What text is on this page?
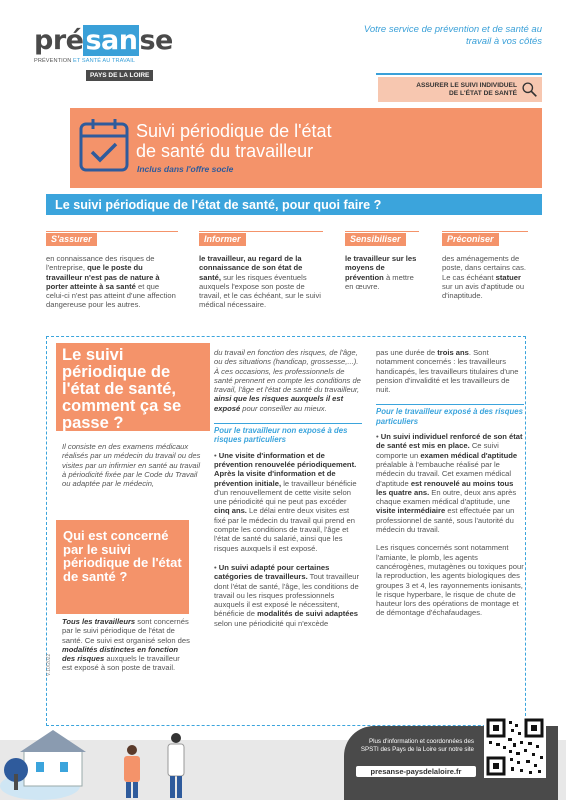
présanse
PRÉVENTION ET SANTÉ AU TRAVAIL
PAYS DE LA LOIRE
Votre service de prévention et de santé au travail à vos côtés
ASSURER LE SUIVI INDIVIDUEL
DE L'ÉTAT DE SANTÉ
Suivi périodique de l'état
de santé du travailleur
Inclus dans l'offre socle
Le suivi périodique de l'état de santé, pour quoi faire ?
S'assurer
en connaissance des risques de l'entreprise, que le poste du travailleur n'est pas de nature à porter atteinte à sa santé et que celui-ci n'est pas atteint d'une affection dangereuse pour les autres.
Informer
le travailleur, au regard de la connaissance de son état de santé, sur les risques éventuels auxquels l'expose son poste de travail, et le cas échéant, sur le suivi médical nécessaire.
Sensibiliser
le travailleur sur les moyens de prévention à mettre en œuvre.
Préconiser
des aménagements de poste, dans certains cas. Le cas échéant statuer sur un avis d'aptitude ou d'inaptitude.
Le suivi périodique de l'état de santé, comment ça se passe ?
Il consiste en des examens médicaux réalisés par un médecin du travail ou des visites par un infirmier en santé au travail à périodicité fixée par le Code du Travail ou adaptée par le médecin,
Qui est concerné par le suivi périodique de l'état de santé ?
Tous les travailleurs sont concernés par le suivi périodique de l'état de santé. Ce suivi est organisé selon des modalités distinctes en fonction des risques auxquels le travailleur est exposé à son poste de travail.
V.10/2022
du travail en fonction des risques, de l'âge, ou des situations (handicap, grossesse,...).
À ces occasions, les professionnels de santé prennent en compte les conditions de travail, l'âge et l'état de santé du travailleur, ainsi que les risques auxquels il est exposé pour conseiller au mieux.
Pour le travailleur non exposé à des risques particuliers
• Une visite d'information et de prévention renouvelée périodiquement. Après la visite d'information et de prévention initiale, le travailleur bénéficie d'un renouvellement de cette visite selon une périodicité qui ne peut pas excéder cinq ans. Le délai entre deux visites est fixé par le médecin du travail qui prend en compte les conditions de travail, l'âge et l'état de santé du salarié, ainsi que les risques auxquels il est exposé.
• Un suivi adapté pour certaines catégories de travailleurs. Tout travailleur dont l'état de santé, l'âge, les conditions de travail ou les risques professionnels auxquels il est exposé le nécessitent, bénéficie de modalités de suivi adaptées selon une périodicité qui n'excède
pas une durée de trois ans. Sont notamment concernés : les travailleurs handicapés, les travailleurs titulaires d'une pension d'invalidité et les travailleurs de nuit.
Pour le travailleur exposé à des risques particuliers
• Un suivi individuel renforcé de son état de santé est mis en place. Ce suivi comporte un examen médical d'aptitude préalable à l'embauche réalisé par le médecin du travail. Cet examen médical d'aptitude est renouvelé au moins tous les quatre ans. En outre, deux ans après chaque examen médical d'aptitude, une visite intermédiaire est effectuée par un professionnel de santé, sous l'autorité du médecin du travail.
Les risques concernés sont notamment l'amiante, le plomb, les agents cancérogènes, mutagènes ou toxiques pour la reproduction, les agents biologiques des groupes 3 et 4, les rayonnements ionisants, le risque hyperbare, le risque de chute de hauteur lors des opérations de montage et de démontage d'échafaudages.
Plus d'information et coordonnées des SPSTI des Pays de la Loire sur notre site
presanse-paysdelaloire.fr
